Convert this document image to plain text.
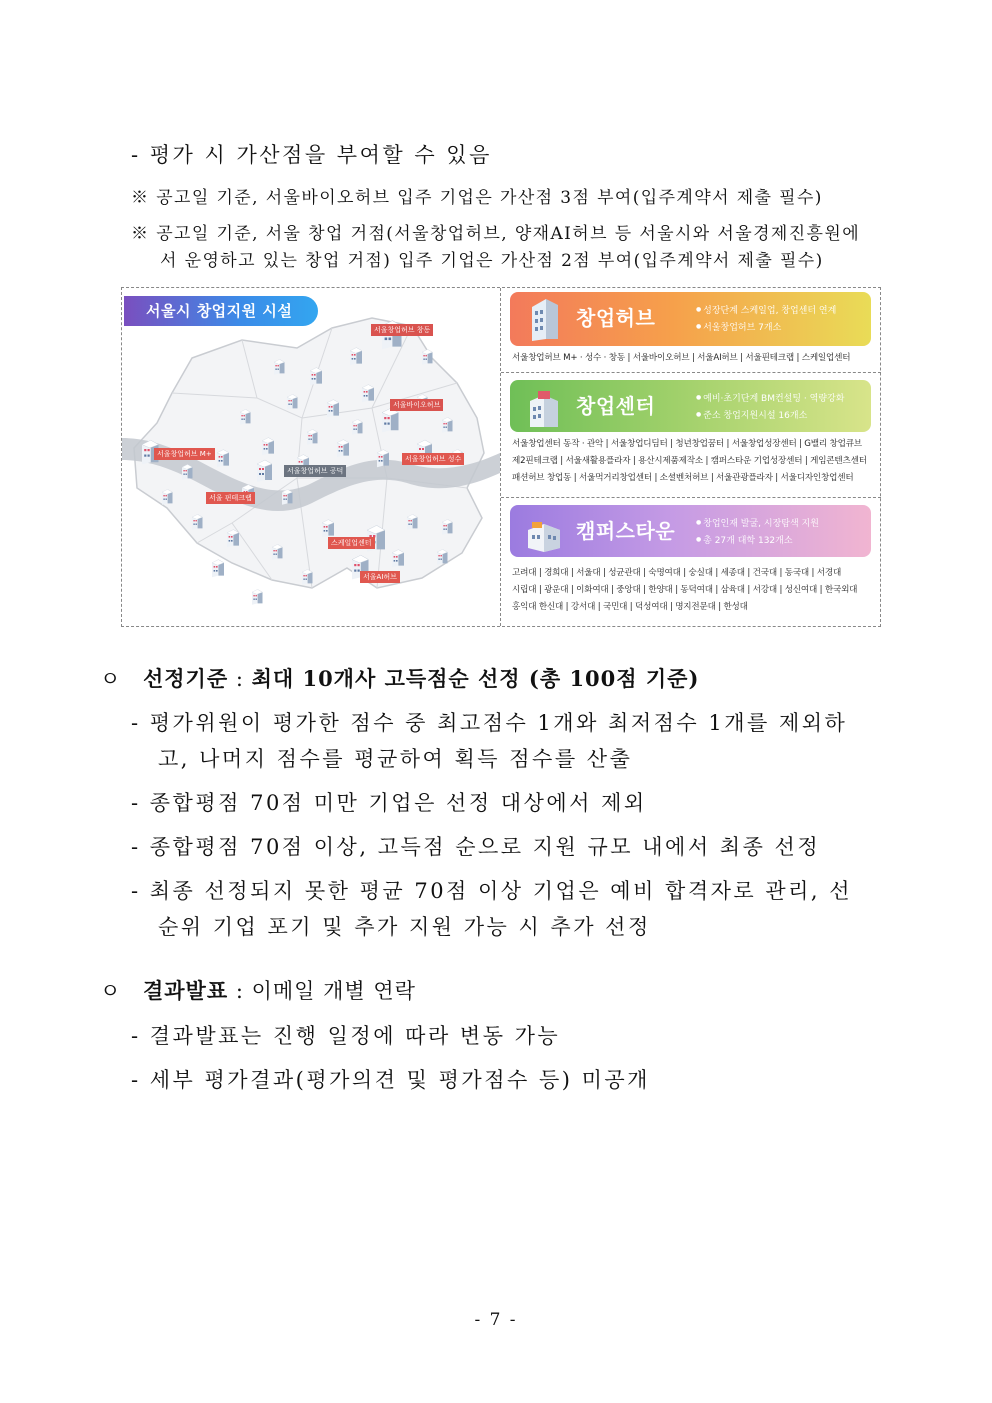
- 평가 시 가산점을 부여할 수 있음
※ 공고일 기준, 서울바이오허브 입주 기업은 가산점 3점 부여(입주계약서 제출 필수)
※ 공고일 기준, 서울 창업 거점(서울창업허브, 양재AI허브 등 서울시와 서울경제진흥원에
서 운영하고 있는 창업 거점) 입주 기업은 가산점 2점 부여(입주계약서 제출 필수)
서울시 창업지원 시설
서울창업허브 창동
서울바이오허브
서울창업허브 M+
서울창업허브 공덕
서울창업허브 성수
서울 핀테크랩
스케일업센터
서울AI허브
창업허브	● 성장단계 스케일업, 창업센터 연계
● 서울창업허브 7개소
서울창업허브 M+ · 성수 · 창동 | 서울바이오허브 | 서울AI허브 | 서울핀테크랩 | 스케일업센터
창업센터	● 예비·초기단계 BM컨설팅 · 역량강화
● 준소 창업지원시설 16개소
서울창업센터 동작 · 관악 | 서울창업디딤터 | 청년창업꿈터 | 서울창업성장센터 | G밸리 창업큐브
제2핀테크랩 | 서울새활용플라자 | 용산시제품제작소 | 캠퍼스타운 기업성장센터 | 게임콘텐츠센터
패션허브 창업동 | 서울먹거리창업센터 | 소셜벤처허브 | 서울관광플라자 | 서울디자인창업센터
캠퍼스타운	● 창업인재 발굴, 시장탐색 지원
● 총 27개 대학 132개소
고려대 | 경희대 | 서울대 | 성균관대 | 숙명여대 | 숭실대 | 세종대 | 건국대 | 동국대 | 서경대
시립대 | 광운대 | 이화여대 | 중앙대 | 한양대 | 동덕여대 | 삼육대 | 서강대 | 성신여대 | 한국외대
홍익대 한신대 | 강서대 | 국민대 | 덕성여대 | 명지전문대 | 한성대
ㅇ 선정기준 : 최대 10개사 고득점순 선정 (총 100점 기준)
- 평가위원이 평가한 점수 중 최고점수 1개와 최저점수 1개를 제외하
고, 나머지 점수를 평균하여 획득 점수를 산출
- 종합평점 70점 미만 기업은 선정 대상에서 제외
- 종합평점 70점 이상, 고득점 순으로 지원 규모 내에서 최종 선정
- 최종 선정되지 못한 평균 70점 이상 기업은 예비 합격자로 관리, 선
순위 기업 포기 및 추가 지원 가능 시 추가 선정
ㅇ 결과발표 : 이메일 개별 연락
- 결과발표는 진행 일정에 따라 변동 가능
- 세부 평가결과(평가의견 및 평가점수 등) 미공개
- 7 -
